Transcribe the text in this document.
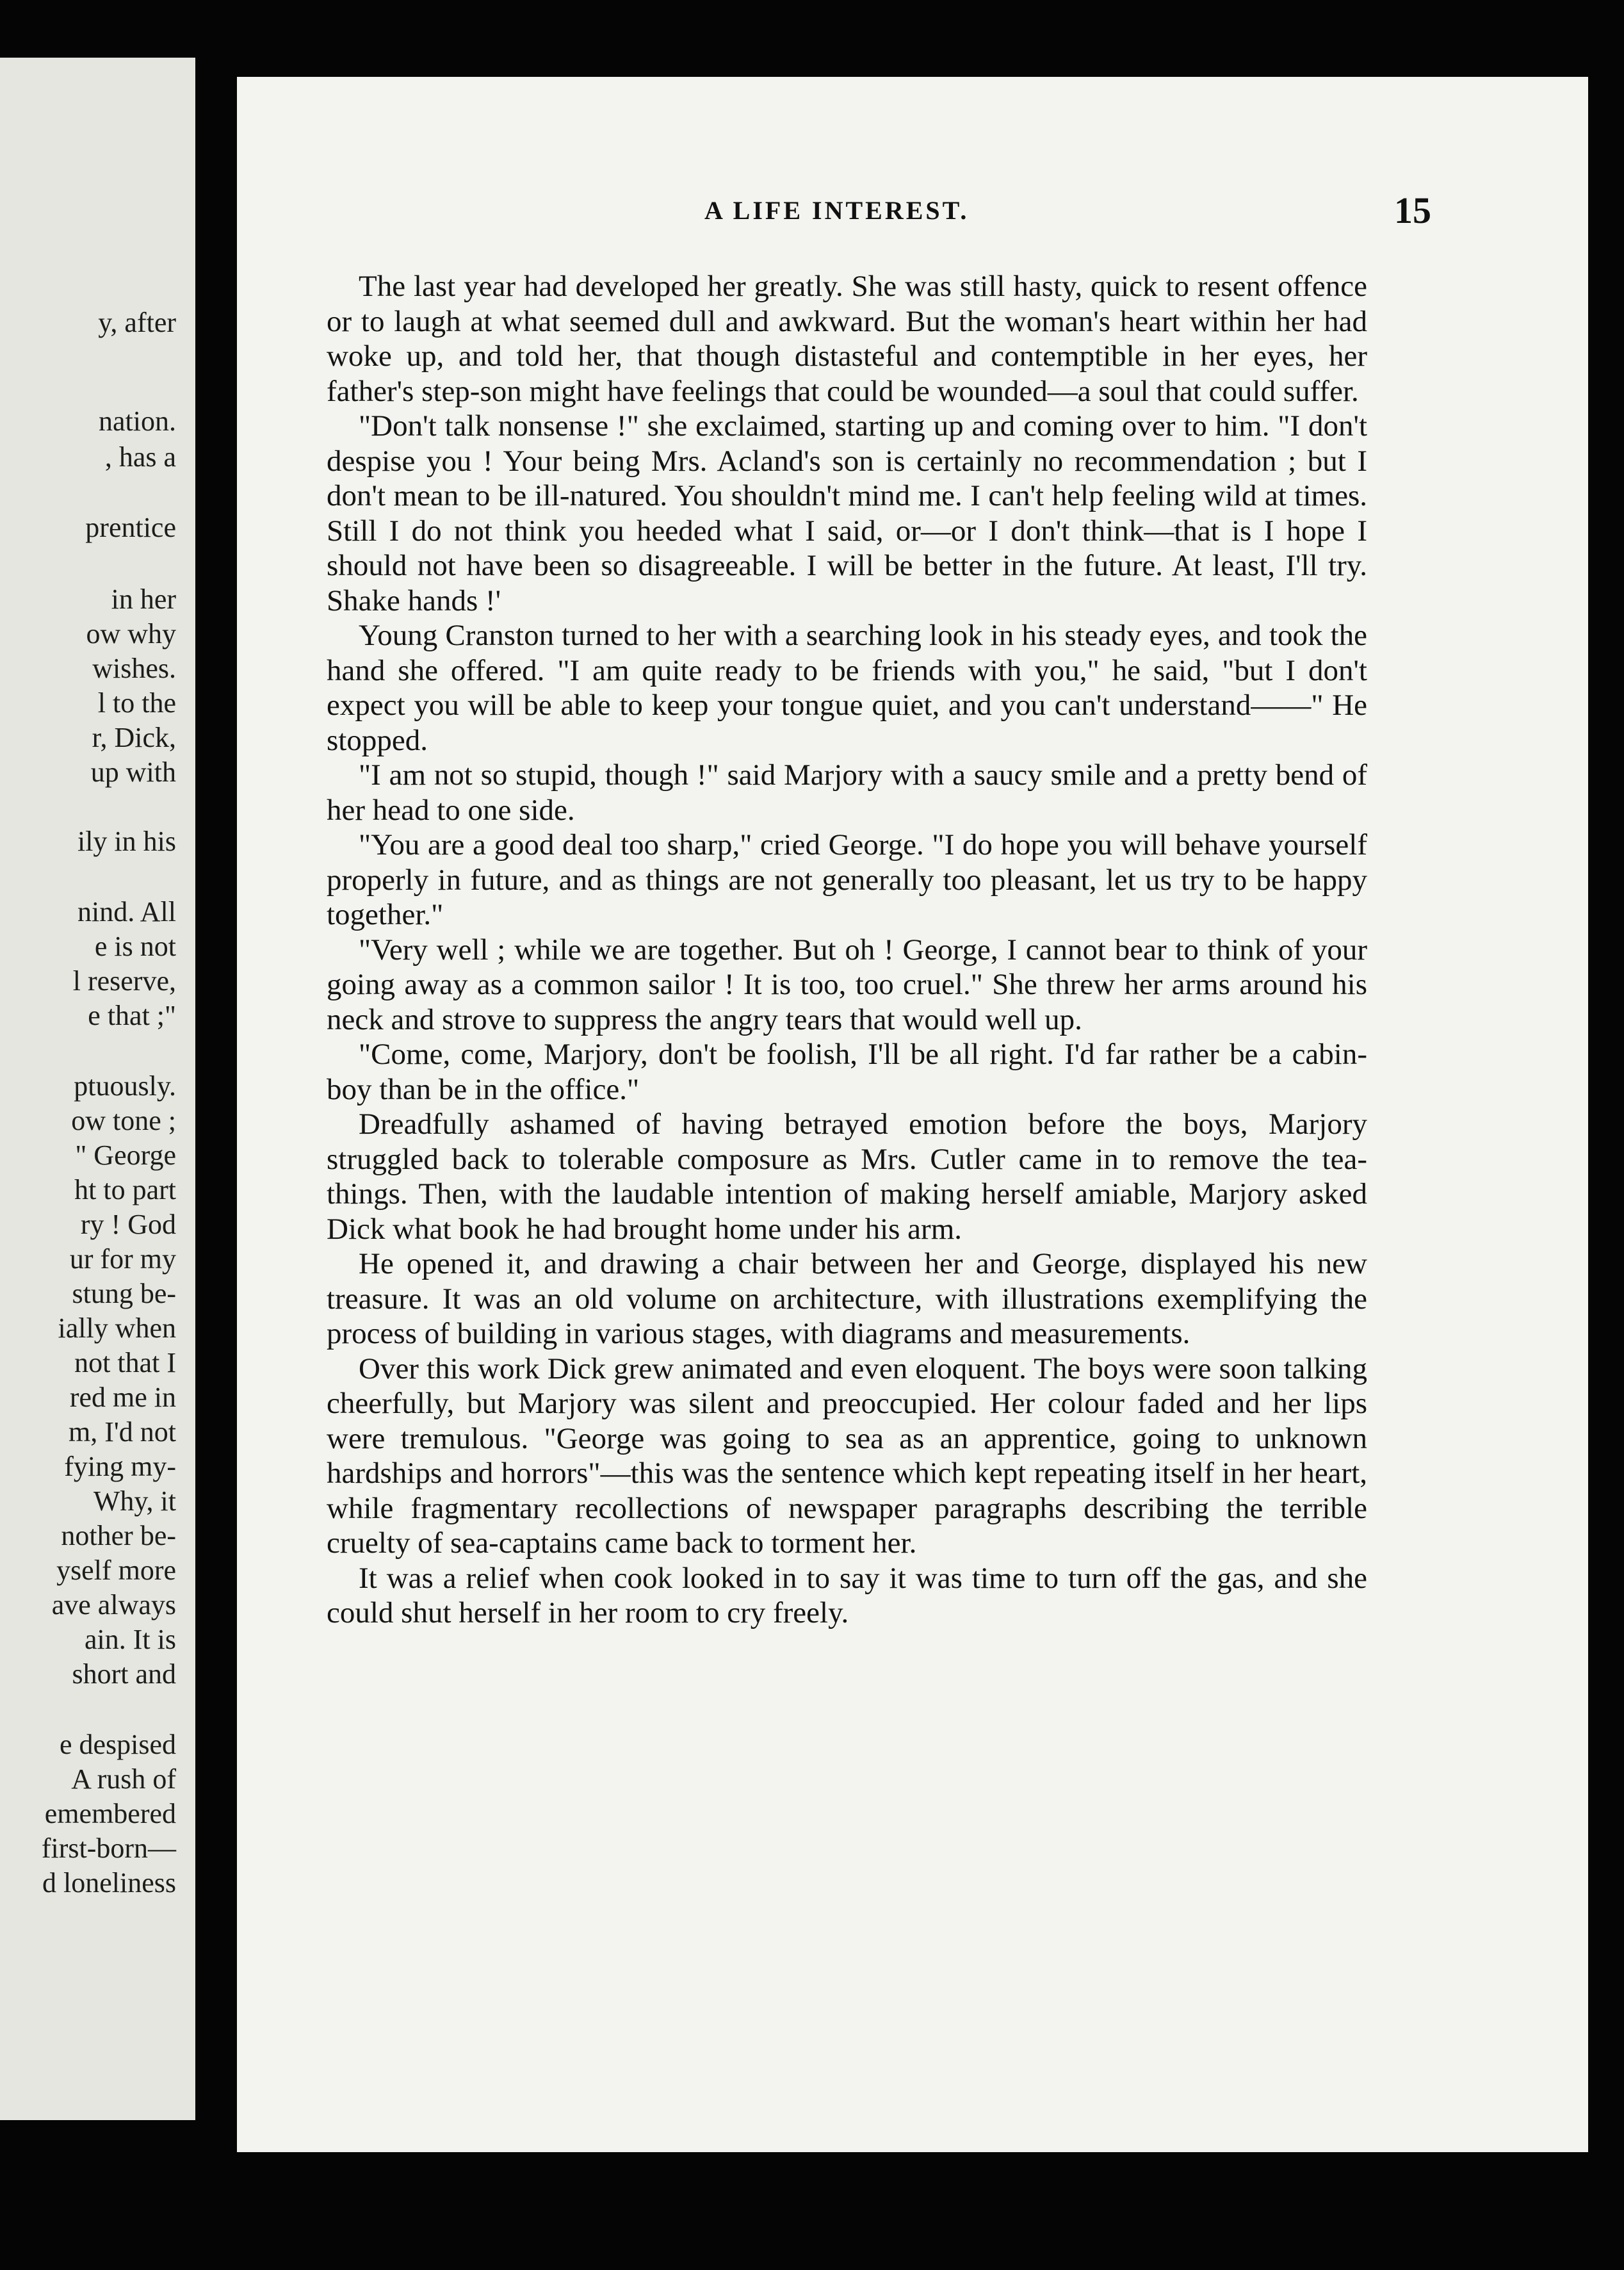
y, after
nation.
, has a
prentice
in her
ow why
wishes.
l to the
r, Dick,
up with
ily in his
nind. All
e is not
l reserve,
e that ;"
ptuously.
ow tone ;
" George
ht to part
ry ! God
ur for my
stung be-
ially when
not that I
red me in
m, I'd not
fying my-
Why, it
nother be-
yself more
ave always
ain. It is
short and
e despised
A rush of
emembered
first-born—
d loneliness
A LIFE INTEREST.	15

The last year had developed her greatly. She was still hasty, quick to resent offence or to laugh at what seemed dull and awkward. But the woman's heart within her had woke up, and told her, that though distasteful and contemptible in her eyes, her father's step-son might have feelings that could be wounded—a soul that could suffer.

"Don't talk nonsense !" she exclaimed, starting up and coming over to him. "I don't despise you ! Your being Mrs. Acland's son is certainly no recommendation ; but I don't mean to be ill-natured. You shouldn't mind me. I can't help feeling wild at times. Still I do not think you heeded what I said, or—or I don't think—that is I hope I should not have been so disagreeable. I will be better in the future. At least, I'll try. Shake hands !'

Young Cranston turned to her with a searching look in his steady eyes, and took the hand she offered. "I am quite ready to be friends with you," he said, "but I don't expect you will be able to keep your tongue quiet, and you can't understand——" He stopped.

"I am not so stupid, though !" said Marjory with a saucy smile and a pretty bend of her head to one side.

"You are a good deal too sharp," cried George. "I do hope you will behave yourself properly in future, and as things are not generally too pleasant, let us try to be happy together."

"Very well ; while we are together. But oh ! George, I cannot bear to think of your going away as a common sailor ! It is too, too cruel." She threw her arms around his neck and strove to suppress the angry tears that would well up.

"Come, come, Marjory, don't be foolish, I'll be all right. I'd far rather be a cabin-boy than be in the office."

Dreadfully ashamed of having betrayed emotion before the boys, Marjory struggled back to tolerable composure as Mrs. Cutler came in to remove the tea-things. Then, with the laudable intention of making herself amiable, Marjory asked Dick what book he had brought home under his arm.

He opened it, and drawing a chair between her and George, displayed his new treasure. It was an old volume on architecture, with illustrations exemplifying the process of building in various stages, with diagrams and measurements.

Over this work Dick grew animated and even eloquent. The boys were soon talking cheerfully, but Marjory was silent and preoccupied. Her colour faded and her lips were tremulous. "George was going to sea as an apprentice, going to unknown hardships and horrors"—this was the sentence which kept repeating itself in her heart, while fragmentary recollections of newspaper paragraphs describing the terrible cruelty of sea-captains came back to torment her.

It was a relief when cook looked in to say it was time to turn off the gas, and she could shut herself in her room to cry freely.
